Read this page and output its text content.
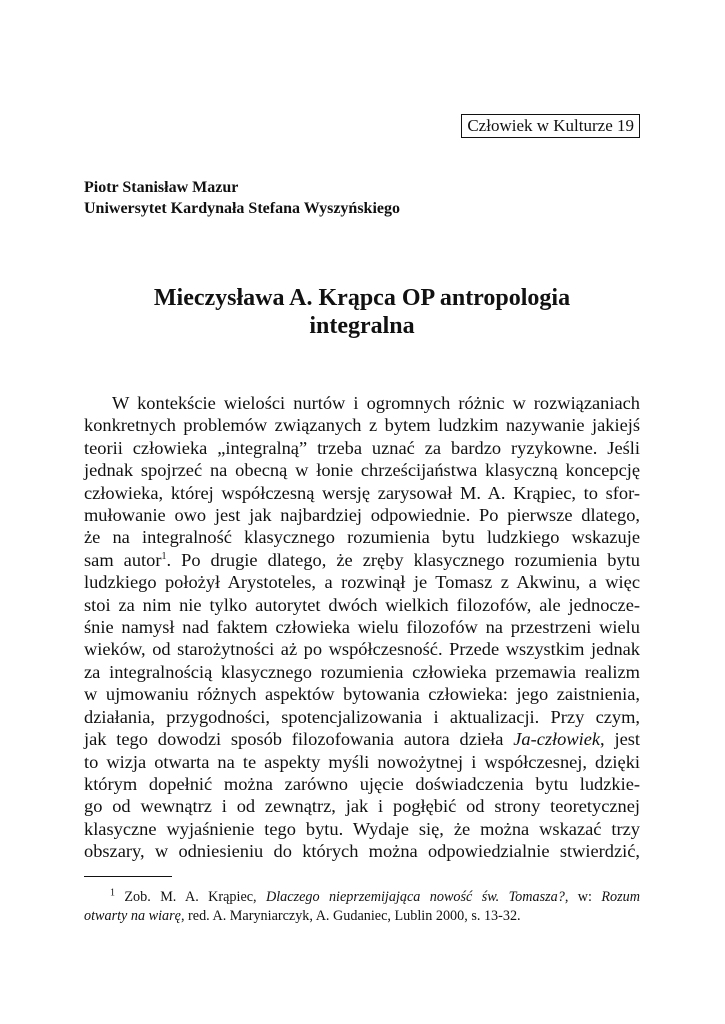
Człowiek w Kulturze 19
Piotr Stanisław Mazur
Uniwersytet Kardynała Stefana Wyszyńskiego
Mieczysława A. Krąpca OP antropologia
integralna
W kontekście wielości nurtów i ogromnych różnic w rozwiązaniach
konkretnych problemów związanych z bytem ludzkim nazywanie jakiejś
teorii człowieka „integralną” trzeba uznać za bardzo ryzykowne. Jeśli
jednak spojrzeć na obecną w łonie chrześcijaństwa klasyczną koncepcję
człowieka, której współczesną wersję zarysował M. A. Krąpiec, to sfor-
mułowanie owo jest jak najbardziej odpowiednie. Po pierwsze dlatego,
że na integralność klasycznego rozumienia bytu ludzkiego wskazuje
sam autor$^1$. Po drugie dlatego, że zręby klasycznego rozumienia bytu
ludzkiego położył Arystoteles, a rozwinął je Tomasz z Akwinu, a więc
stoi za nim nie tylko autorytet dwóch wielkich filozofów, ale jednocze-
śnie namysł nad faktem człowieka wielu filozofów na przestrzeni wielu
wieków, od starożytności aż po współczesność. Przede wszystkim jednak
za integralnością klasycznego rozumienia człowieka przemawia realizm
w ujmowaniu różnych aspektów bytowania człowieka: jego zaistnienia,
działania, przygodności, spotencjalizowania i aktualizacji. Przy czym,
jak tego dowodzi sposób filozofowania autora dzieła Ja-człowiek, jest
to wizja otwarta na te aspekty myśli nowożytnej i współczesnej, dzięki
którym dopełnić można zarówno ujęcie doświadczenia bytu ludzkie-
go od wewnątrz i od zewnątrz, jak i pogłębić od strony teoretycznej
klasyczne wyjaśnienie tego bytu. Wydaje się, że można wskazać trzy
obszary, w odniesieniu do których można odpowiedzialnie stwierdzić,
$^1$ Zob. M. A. Krąpiec, Dlaczego nieprzemijająca nowość św. Tomasza?, w: Rozum
otwarty na wiarę, red. A. Maryniarczyk, A. Gudaniec, Lublin 2000, s. 13-32.
